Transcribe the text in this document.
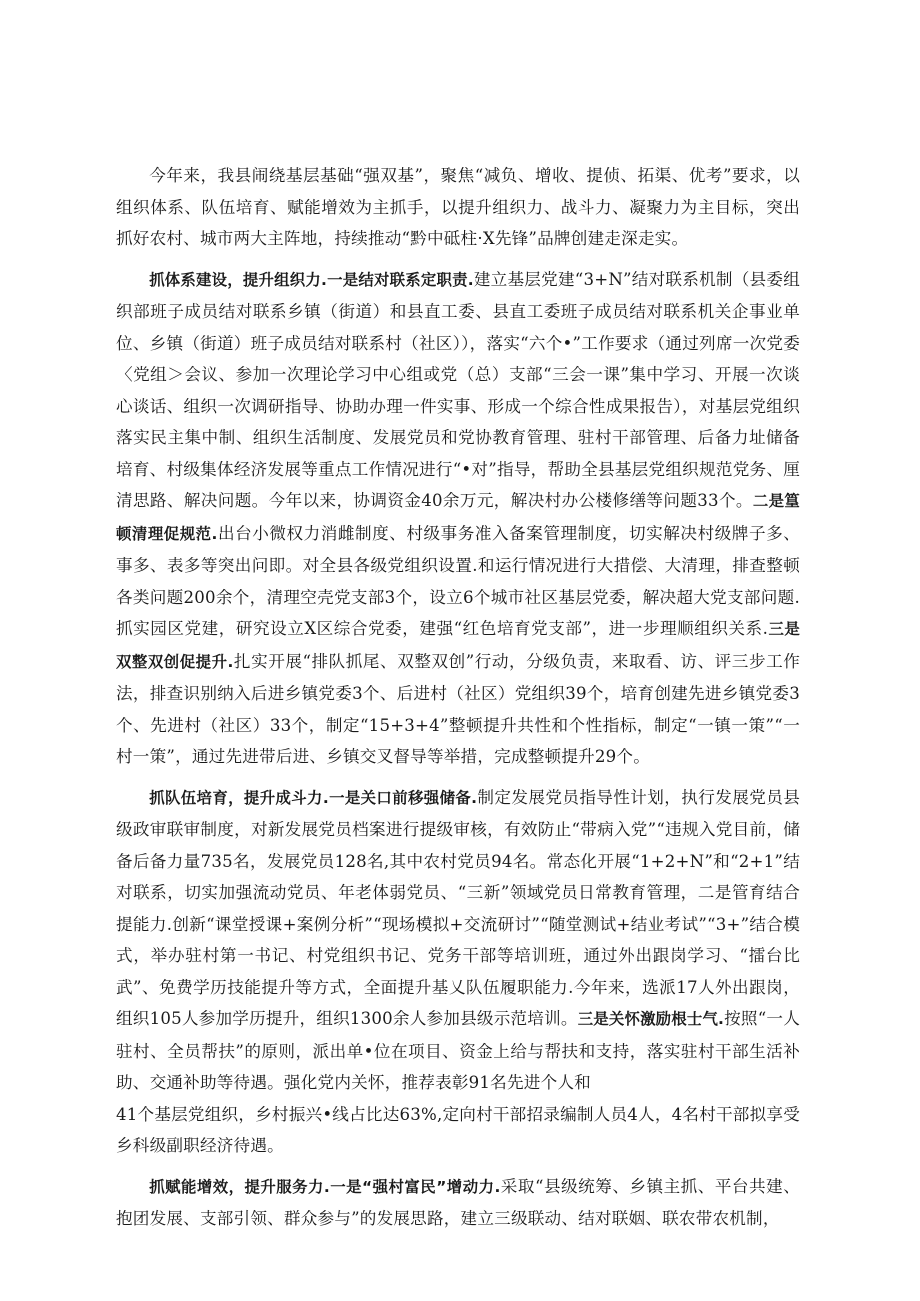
今年来，我县闹绕基层基础“强双基”，聚焦“减负、增收、提侦、拓渠、优考”要求，以组织体系、队伍培育、赋能增效为主抓手，以提升组织力、战斗力、凝聚力为主目标，突出抓好农村、城市两大主阵地，持续推动“黔中砥柱·X先锋”品牌创建走深走实。

抓体系建设，提升组织力.一是结对联系定职责.建立基层党建“3+N”结对联系机制（县委组织部班子成员结对联系乡镇（街道）和县直工委、县直工委班子成员结对联系机关企事业单位、乡镇（街道）班子成员结对联系村（社区）），落实“六个•”工作要求（通过列席一次党委〈党组＞会议、参加一次理论学习中心组或党（总）支部“三会一课”集中学习、开展一次谈心谈话、组织一次调研指导、协助办理一件实事、形成一个综合性成果报告），对基层党组织落实民主集中制、组织生活制度、发展党员和党协教育管理、驻村干部管理、后备力址储备培育、村级集体经济发展等重点工作情况进行“•对”指导，帮助全县基层党组织规范党务、厘清思路、解决问题。今年以来，协调资金40余万元，解决村办公楼修缮等问题33个。二是篁顿清理促规范.出台小微权力消雌制度、村级事务准入备案管理制度，切实解决村级牌子多、事多、表多等突出问即。对全县各级党组织设置.和运行情况进行大措偿、大清理，排查整顿各类问题200余个，清理空壳党支部3个，设立6个城市社区基层党委，解决超大党支部问题.抓实园区党建，研究设立X区综合党委，建强“红色培育党支部”，进一步理顺组织关系.三是双整双创促提升.扎实开展“排队抓尾、双整双创”行动，分级负责，来取看、访、评三步工作法，排查识别纳入后进乡镇党委3个、后进村（社区）党组织39个，培育创建先进乡镇党委3个、先进村（社区）33个，制定“15+3+4”整顿提升共性和个性指标，制定“一镇一策”“一村一策”，通过先进带后进、乡镇交叉督导等举措，完成整顿提升29个。

抓队伍培育，提升成斗力.一是关口前移强储备.制定发展党员指导性计划，执行发展党员县级政审联审制度，对新发展党员档案进行提级审核，有效防止“带病入党”“违规入党目前，储备后备力量735名，发展党员128名,其中农村党员94名。常态化开展“1+2+N”和“2+1”结对联系，切实加强流动党员、年老体弱党员、“三新”领域党员日常教育管理，二是管育结合提能力.创新“课堂授课+案例分析”“现场模拟+交流研讨”“随堂测试+结业考试”“3+”结合模式，举办驻村第一书记、村党组织书记、党务干部等培训班，通过外出跟岗学习、“擂台比武”、免费学历技能提升等方式，全面提升基乂队伍履职能力.今年来，选派17人外出跟岗，组织105人参加学历提升，组织1300余人参加县级示范培训。三是关怀激励根士气.按照“一人驻村、全员帮扶”的原则，派出单•位在项目、资金上给与帮扶和支持，落实驻村干部生活补助、交通补助等待遇。强化党内关怀，推荐表彰91名先进个人和

41个基层党组织，乡村振兴•线占比达63%,定向村干部招录编制人员4人，4名村干部拟享受乡科级副职经济待遇。

抓赋能增效，提升服务力.一是“强村富民”增动力.采取“县级统筹、乡镇主抓、平台共建、抱团发展、支部引领、群众参与”的发展思路，建立三级联动、结对联姻、联农带农机制，
